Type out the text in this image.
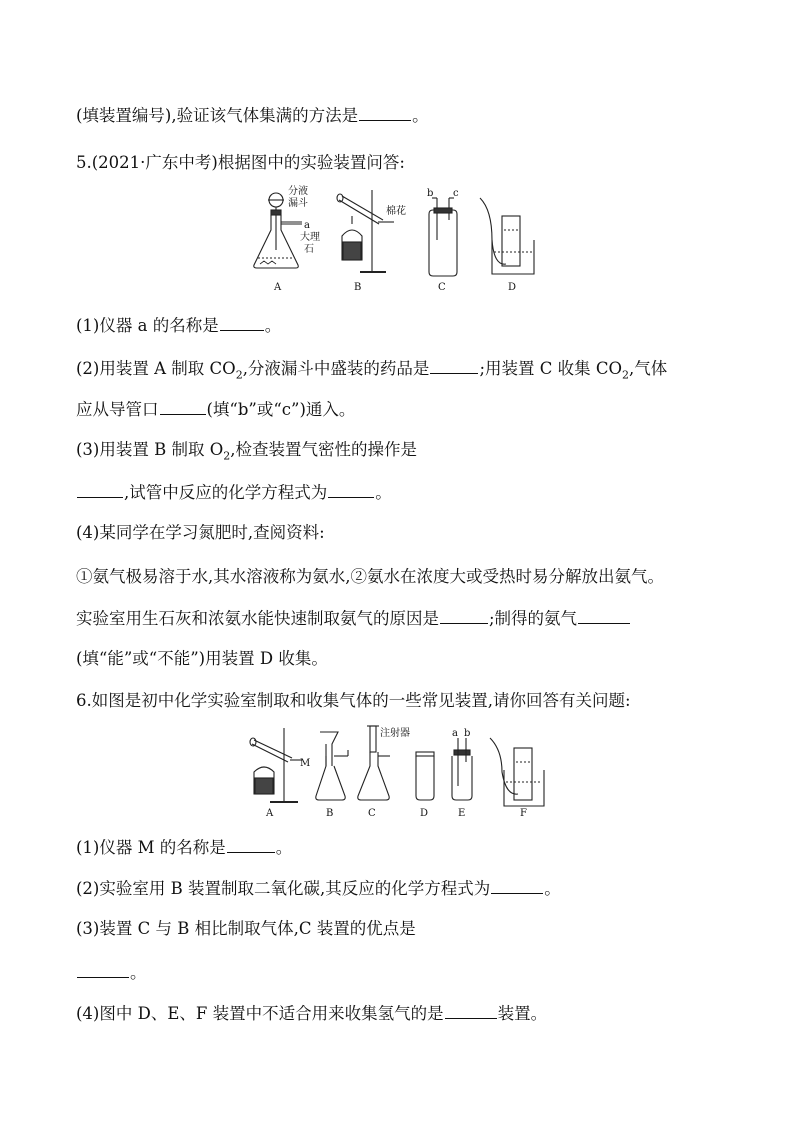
(填装置编号),验证该气体集满的方法是	。
5.(2021·广东中考)根据图中的实验装置问答:
分液
漏斗
a
大理
石
棉花
b c
A	B	C	D
(1)仪器 a 的名称是	。
(2)用装置 A 制取 $CO_2$,分液漏斗中盛装的药品是	;用装置 C 收集 $CO_2$,气体
应从导管口	(填“b”或“c”)通入。
(3)用装置 B 制取 $O_2$,检查装置气密性的操作是
,试管中反应的化学方程式为	。
(4)某同学在学习氮肥时,查阅资料:
①氨气极易溶于水,其水溶液称为氨水,②氨水在浓度大或受热时易分解放出氨气。
实验室用生石灰和浓氨水能快速制取氨气的原因是	;制得的氨气
(填“能”或“不能”)用装置 D 收集。
6.如图是初中化学实验室制取和收集气体的一些常见装置,请你回答有关问题:
M
注射器	a b
A	B	C	D	E	F
(1)仪器 M 的名称是	。
(2)实验室用 B 装置制取二氧化碳,其反应的化学方程式为	。
(3)装置 C 与 B 相比制取气体,C 装置的优点是
。
(4)图中 D、E、F 装置中不适合用来收集氢气的是	装置。
